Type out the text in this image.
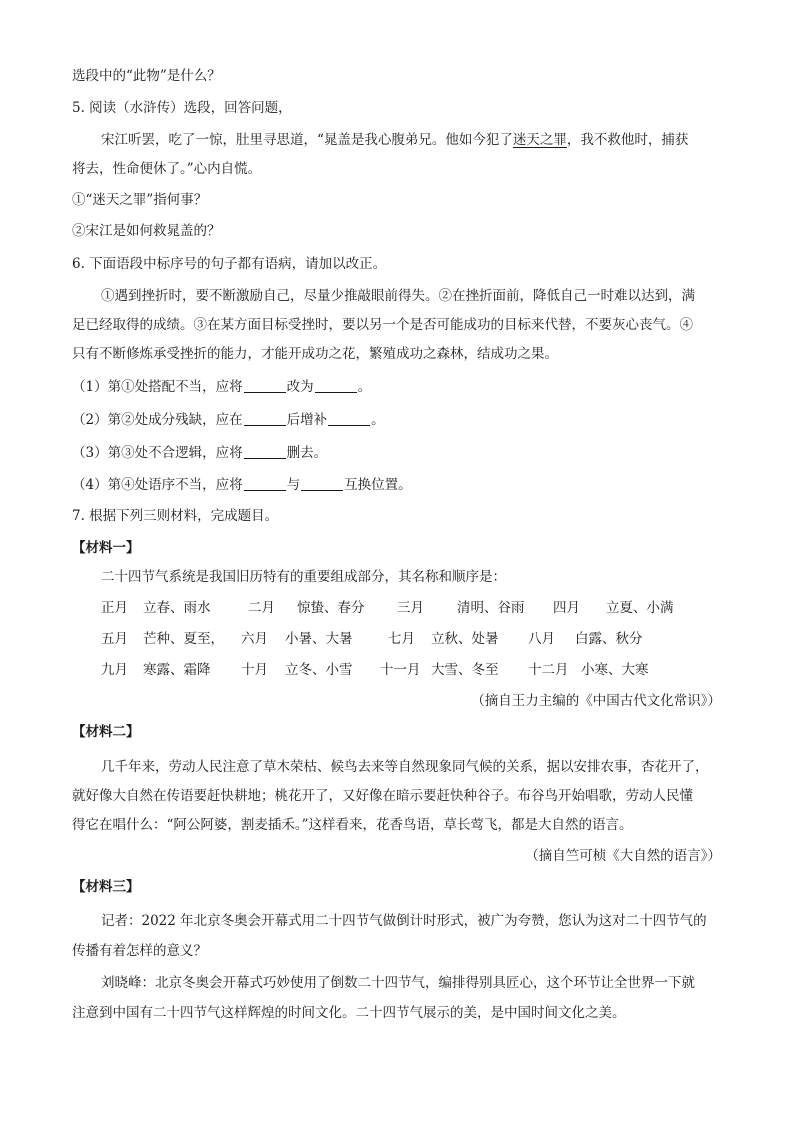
选段中的“此物”是什么？
5. 阅读（水浒传）选段，回答问题，
宋江听罢，吃了一惊，肚里寻思道，“晁盖是我心腹弟兄。他如今犯了迷天之罪，我不救他时，捕获
将去，性命便休了。”心内自慌。
①“迷天之罪”指何事？
②宋江是如何救晁盖的？
6. 下面语段中标序号的句子都有语病，请加以改正。
①遇到挫折时，要不断激励自己，尽量少推敲眼前得失。②在挫折面前，降低自己一时难以达到，满
足已经取得的成绩。③在某方面目标受挫时，要以另一个是否可能成功的目标来代替，不要灰心丧气。④
只有不断修炼承受挫折的能力，才能开成功之花，繁殖成功之森林，结成功之果。
（1）第①处搭配不当，应将	改为	。
（2）第②处成分残缺，应在	后增补	。
（3）第③处不合逻辑，应将	删去。
（4）第④处语序不当，应将	与	互换位置。
7. 根据下列三则材料，完成题目。
【材料一】
二十四节气系统是我国旧历特有的重要组成部分，其名称和顺序是：
正月 立春、雨水	二月 惊蛰、春分 三月 清明、谷雨 四月 立夏、小满
五月 芒种、夏至， 六月 小暑、大暑	七月 立秋、处暑 八月 白露、秋分
九月 寒露、霜降 十月 立冬、小雪 十一月 大雪、冬至 十二月 小寒、大寒
（摘自王力主编的《中国古代文化常识》）
【材料二】
几千年来，劳动人民注意了草木荣枯、候鸟去来等自然现象同气候的关系，据以安排农事，杏花开了，
就好像大自然在传语要赶快耕地；桃花开了，又好像在暗示要赶快种谷子。布谷鸟开始唱歌，劳动人民懂
得它在唱什么：“阿公阿婆，割麦插禾。”这样看来，花香鸟语，草长莺飞，都是大自然的语言。
（摘自竺可桢《大自然的语言》）
【材料三】
记者：2022 年北京冬奥会开幕式用二十四节气做倒计时形式，被广为夸赞，您认为这对二十四节气的
传播有着怎样的意义？
刘晓峰：北京冬奥会开幕式巧妙使用了倒数二十四节气，编排得别具匠心，这个环节让全世界一下就
注意到中国有二十四节气这样辉煌的时间文化。二十四节气展示的美，是中国时间文化之美。
